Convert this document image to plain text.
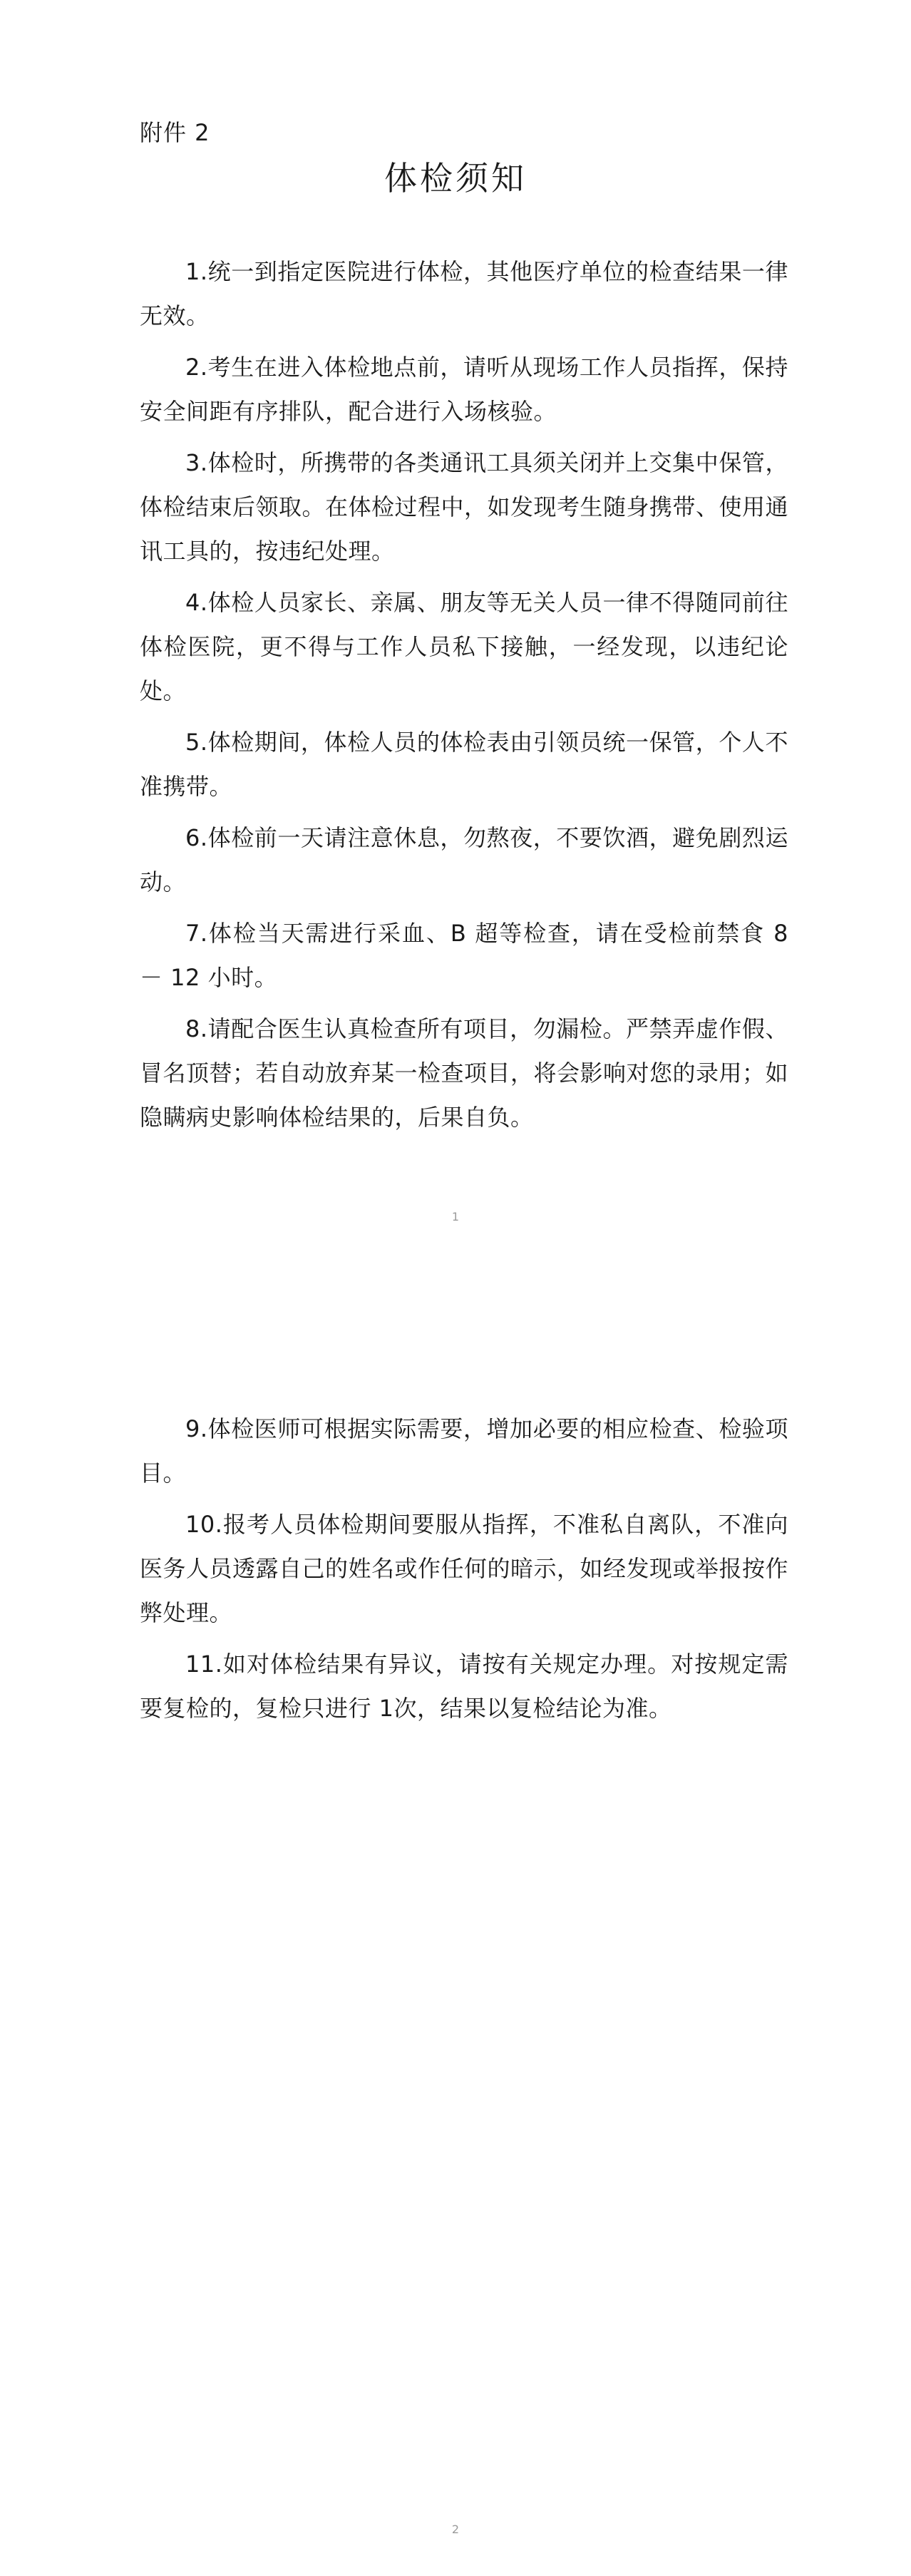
附件 2
体检须知

1.统一到指定医院进行体检，其他医疗单位的检查结果一律无效。

2.考生在进入体检地点前，请听从现场工作人员指挥，保持安全间距有序排队，配合进行入场核验。

3.体检时，所携带的各类通讯工具须关闭并上交集中保管，体检结束后领取。在体检过程中，如发现考生随身携带、使用通讯工具的，按违纪处理。

4.体检人员家长、亲属、朋友等无关人员一律不得随同前往体检医院，更不得与工作人员私下接触，一经发现，以违纪论处。

5.体检期间，体检人员的体检表由引领员统一保管，个人不准携带。

6.体检前一天请注意休息，勿熬夜，不要饮酒，避免剧烈运动。

7.体检当天需进行采血、B 超等检查，请在受检前禁食 8 － 12 小时。

8.请配合医生认真检查所有项目，勿漏检。严禁弄虚作假、冒名顶替；若自动放弃某一检查项目，将会影响对您的录用；如隐瞒病史影响体检结果的，后果自负。

1

9.体检医师可根据实际需要，增加必要的相应检查、检验项目。

10.报考人员体检期间要服从指挥，不准私自离队，不准向医务人员透露自己的姓名或作任何的暗示，如经发现或举报按作弊处理。

11.如对体检结果有异议，请按有关规定办理。对按规定需要复检的，复检只进行 1次，结果以复检结论为准。

2
